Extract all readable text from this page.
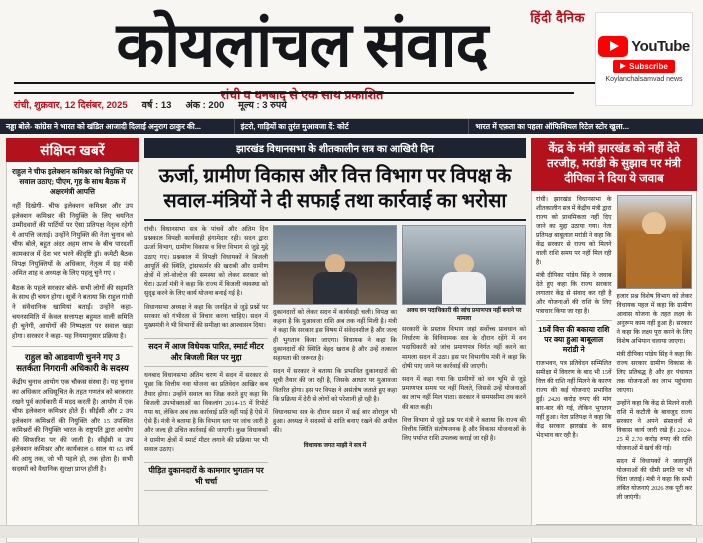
हिंदी दैनिक
कोयलांचल संवाद
रांची व धनबाद से एक साथ प्रकाशित
रांची, शुक्रवार, 12 दिसंबर, 2025 वर्ष : 13 अंक : 200 मूल्य : 3 रुपये
YouTube
Subscribe
Koylanchalsamvad news
नड्डा बोले- कांग्रेस ने भारत को खंडित आजादी दिलाई अनुराग ठाकुर की...	इंटरो, गाड़ियों का तुरंत मुआवजा दें: कोर्ट	भारत में एफ़ता का पहला ऑफिशियल रिटेल स्टोर खुला...
संक्षिप्त खबरें

राहुल ने चीफ इलेक्शन कमिश्नर को नियुक्ति पर सवाल उठाए; पीएम, गृह के साथ बैठक में अक्षरमंत्री आपत्ति

नहीं दिखेगी- चीफ इलेक्शन कमिश्नर और उप इलेक्शन कमिश्नर की नियुक्ति के लिए चयनित उम्मीदवारों की पार्टियों पर ऐसा प्रतिपक्ष नेतृत्व रहेगी ये आपत्ति जताई। उन्होंने नियुक्ति की नेता चुनाव को चीफ बोले, बहुत अंदर अहम लाभ के बीच पारदर्शी कामकाज में देश भर भरने कीदृष्टि ड्रॉ। कमेटी बैठक विपक्ष नियुक्तियों के अधिकार, नेतृत्व में ग्रह मंत्री अमित शाह व अध्यक्ष के लिए पहलू चुने गए ।

बैठक के पहले सरकार बोले- सभी लोगों की सहमति के साथ ही चयन होगा। सूत्रों ने बताया कि राहुल गांधी ने संवैधानिक खामियां बताईं। उन्होंने कहा- चयनसमिति में केवल सत्तापक्ष बहुमत वाली समिति ही चुनेगी, आयोगों की निष्पक्षता पर सवाल खड़ा होगा। सरकार ने कहा- यह नियमानुसार प्रक्रिया है।

राहुल को आडवाणी चुनने गए 3 सतर्कता निगरानी अधिकारी के सदस्य

केंद्रीय चुनाव आयोग एक चौकस संस्था है। यह चुनाव का अधिकार अधिसूचित के तहत गणतंत्र को बरकरार रखने पूर्व कार्यकारी में मदद करती है। आयोग में एक चीफ इलेक्शन कमिश्नर होते हैं। सीईसी और 2 उप इलेक्शन कमिश्नरों की नियुक्ति और 15 उपस्थित कमिश्नरों की नियुक्ति भारत के राष्ट्रपति द्वारा आयोग की सिफारिश पर की जाती है। सीईसी व उप इलेक्शन कमिश्नर और कार्यकाल 6 साल या 65 वर्ष की आयु तक, जो भी पहले हो, तक होता है। सभी सदस्यों को वैधानिक सुरक्षा प्राप्त होती है।

झारखंड विधानसभा के शीतकालीन सत्र का आखिरी दिन
ऊर्जा, ग्रामीण विकास और वित्त विभाग पर विपक्ष के सवाल-मंत्रियों ने दी सफाई तथा कार्रवाई का भरोसा

रांची। विधानसभा सत्र के पांचवें और अंतिम दिन प्रश्नकाल विपक्षी कार्यवाही हंगामेदार रही। सदन द्वारा ऊर्जा विभाग, ग्रामीण विकास व वित्त विभाग से जुड़े मुद्दे उठाए गए। प्रश्नकाल में विपक्षी विधायकों ने बिजली आपूर्ति की स्थिति, ट्रांसफार्मर की खराबी और ग्रामीण क्षेत्रों में लो-वोल्टेज की समस्या को लेकर सरकार को घेरा। ऊर्जा मंत्री ने कहा कि राज्य में बिजली व्यवस्था को सुदृढ़ करने के लिए कार्य योजना बनाई गई है।

विधानसभा अध्यक्ष ने कहा कि जनहित से जुड़े प्रश्नों पर सरकार को गंभीरता से विचार करना चाहिए। सदन में मुख्यमंत्री ने भी विभागों की समीक्षा का आश्वासन दिया।

सदन में आज विधेयक पारित, स्मार्ट मीटर और बिजली बिल पर मुद्दा

धनबाद विधानसभा अंतिम चरण में सदन में सरकार से पूछा कि वित्तीय नवा योजना का प्रतिवेदन आखिर कब तैयार होगा। उन्होंने सवाल का जिक्र करते हुए कहा कि बिजली उपभोक्ताओं का विकलांग 2014-15 में रिपोर्ट गया था, लेकिन अब तक कार्रवाई प्रति नहीं पाई है ऐसे में ऐसे हैं। मंत्री ने बताया है कि विभाग स्तर पर जांच जारी है और जल्द ही उचित कार्रवाई की जाएगी। कुछ विधायकों ने ग्रामीण क्षेत्रों में स्मार्ट मीटर लगाने की प्रक्रिया पर भी सवाल उठाए।

पीड़ित दुकानदारों के कामगार भुगतान पर भी चर्चा

दुकानदारों को लेकर सदन में कार्यवाही चली। विपक्ष का कहना है कि मुआवजा राशि अब तक नहीं मिली है। मंत्री ने कहा कि सरकार इस विषय में संवेदनशील है और जल्द ही भुगतान किया जाएगा। विधायक ने कहा कि दुकानदारों की स्थिति बेहद खराब है और उन्हें तत्काल सहायता की जरूरत है।

सदन में सरकार ने बताया कि प्रभावित दुकानदारों की सूची तैयार की जा रही है, जिसके आधार पर मुआवजा वितरित होगा। इस पर विपक्ष ने असंतोष जताते हुए कहा कि प्रक्रिया में देरी से लोगों को परेशानी हो रही है।

विधानसभा सत्र के दौरान सदन में कई बार शोरगुल भी हुआ। अध्यक्ष ने सदस्यों से शांति बनाए रखने की अपील की।

विधायक जगत माझी ने सत्र में
अवध वन पदाधिकारी की जांच प्रमाणपत्र नहीं बनाने पर मामला

सरकारी के प्रस्ताव विभाग जहां सर्वोच्च प्रावधान को निर्धारण के विनियामक सत्र के दौरान रहेंगे में वन पदाधिकारी को जांच प्रमाणपत्र निर्गत नहीं करने का मामला सदन में उठा। इस पर विभागीय मंत्री ने कहा कि दोषी पाए जाने पर कार्रवाई की जाएगी।

सदन में कहा गया कि ग्रामीणों को वन भूमि से जुड़े प्रमाणपत्र समय पर नहीं मिलते, जिससे उन्हें योजनाओं का लाभ नहीं मिल पाता। सरकार ने समयसीमा तय करने की बात कही।

वित्त विभाग से जुड़े प्रश्न पर मंत्री ने बताया कि राज्य की वित्तीय स्थिति संतोषजनक है और विकास योजनाओं के लिए पर्याप्त राशि उपलब्ध कराई जा रही है।

केंद्र के मंत्री झारखंड को नहीं देते तरजीह, मरांडी के सुझाव पर मंत्री दीपिका ने दिया ये जवाब

रांची। झारखंड विधानसभा के शीतकालीन सत्र में केंद्रीय मंत्री द्वारा राज्य को प्राथमिकता नहीं दिए जाने का मुद्दा उठाया गया। नेता प्रतिपक्ष बाबूलाल मरांडी ने कहा कि केंद्र सरकार से राज्य को मिलने वाली राशि समय पर नहीं मिल रही है।

मंत्री दीपिका पांडेय सिंह ने जवाब देते हुए कहा कि राज्य सरकार लगातार केंद्र से संवाद कर रही है और योजनाओं की राशि के लिए पत्राचार किया जा रहा है।

15वें वित्त की बकाया राशि पर क्या हुआ बाबूलाल मरांडी ने

राजभवन, पत्र प्रतिवेदन सम्मिलित समीक्षा में विवरण के बाद भी 15वें वित्त की राशि नहीं मिलने के कारण राज्य की कई योजनाएं प्रभावित हुईं। 2420 करोड़ रुपए की मांग बार-बार की गई, लेकिन भुगतान नहीं हुआ। नेता प्रतिपक्ष ने कहा कि केंद्र सरकार झारखंड के साथ भेदभाव कर रही है।

हजार प्रश्न विशेष विभाग को लेकर विधायक पहल में कहा कि ग्रामीण आवास योजना के तहत लक्ष्य के अनुरूप काम नहीं हुआ है। सरकार ने कहा कि लक्ष्य पूरा करने के लिए विशेष अभियान चलाया जाएगा।

मंत्री दीपिका पांडेय सिंह ने कहा कि राज्य सरकार ग्रामीण विकास के लिए प्रतिबद्ध है और हर पंचायत तक योजनाओं का लाभ पहुंचाया जाएगा।

उन्होंने कहा कि केंद्र से मिलने वाली राशि में कटौती के बावजूद राज्य सरकार ने अपने संसाधनों से विकास कार्य जारी रखे हैं। 2024-25 में 2.70 करोड़ रुपए की राशि योजनाओं में खर्च की गई।

सदन में विधायकों ने जलापूर्ति योजनाओं की धीमी प्रगति पर भी चिंता जताई। मंत्री ने कहा कि सभी लंबित योजनाएं 2026 तक पूरी कर ली जाएंगी।
